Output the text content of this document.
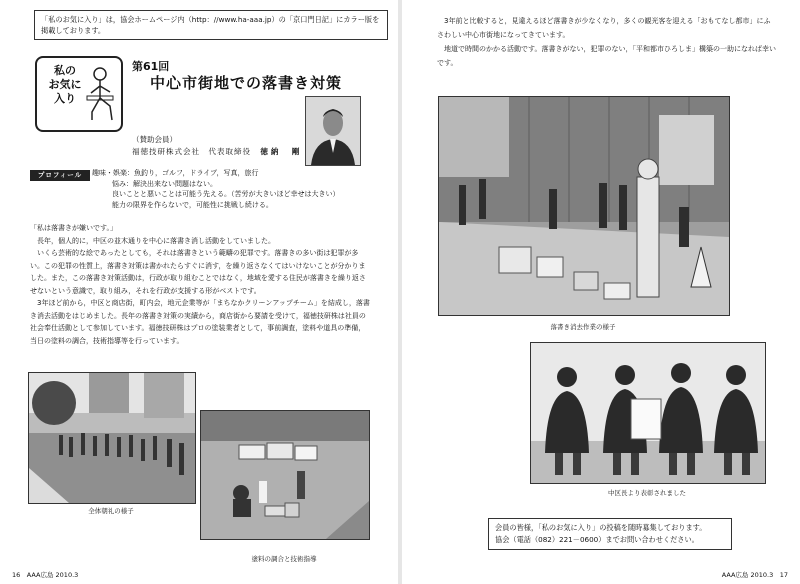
「私のお気に入り」は，協会ホームページ内（http：//www.ha-aaa.jp）の「京口門日記」にカラー版を掲載しております。
私の
お気に
入り
第61回
中心市街地での落書き対策
（賛助会員）
福徳技研株式会社　代表取締役 徳納　剛
プロフィール	趣味・娯楽：魚釣り，ゴルフ，ドライブ，写真，旅行
悩み：解決出来ない問題はない。
良いことと悪いことは可能う先える。（苦労が大きいほど幸せは大きい）
能力の限界を作らないで，可能性に挑戦し続ける。

「私は落書きが嫌いです。」

長年，個人的に，中区の並木通りを中心に落書き消し活動をしていました。

いくら芸術的な絵であったとしても，それは落書きという範疇の犯罪です。落書きの多い街は犯罪が多い。この犯罪の性質上，落書き対策は書かれたらすぐに消す，を繰り返さなくてはいけないことが分かりました。また，この落書き対策活動は，行政が取り組むことではなく，地域を愛する住民が落書きを繰り返させないという意識で，取り組み，それを行政が支援する形がベストです。

3年ほど前から，中区と商店街，町内会，地元企業等が「まちなかクリーンアップチーム」を結成し，落書き消去活動をはじめました。長年の落書き対策の実績から，商店街から要請を受けて，福徳技研株は社員の社会奉仕活動として参加しています。福徳技研株はプロの塗装業者として，事前調査，塗料や道具の準備，当日の塗料の調合，技術指導等を行っています。

全体朝礼の様子
塗料の調合と技術指導
16　AAA広島 2010.3

3年前と比較すると，見違えるほど落書きが少なくなり，多くの観光客を迎える「おもてなし都市」にふさわしい中心市街地になってきています。

地道で時間のかかる活動です。落書きがない，犯罪のない，「平和都市ひろしま」構築の一助になれば幸いです。

落書き消去作業の様子
中区長より表彰されました
会員の皆様，「私のお気に入り」の投稿を随時募集しております。
協会（電話（082）221－0600）までお問い合わせください。
AAA広島 2010.3　17
